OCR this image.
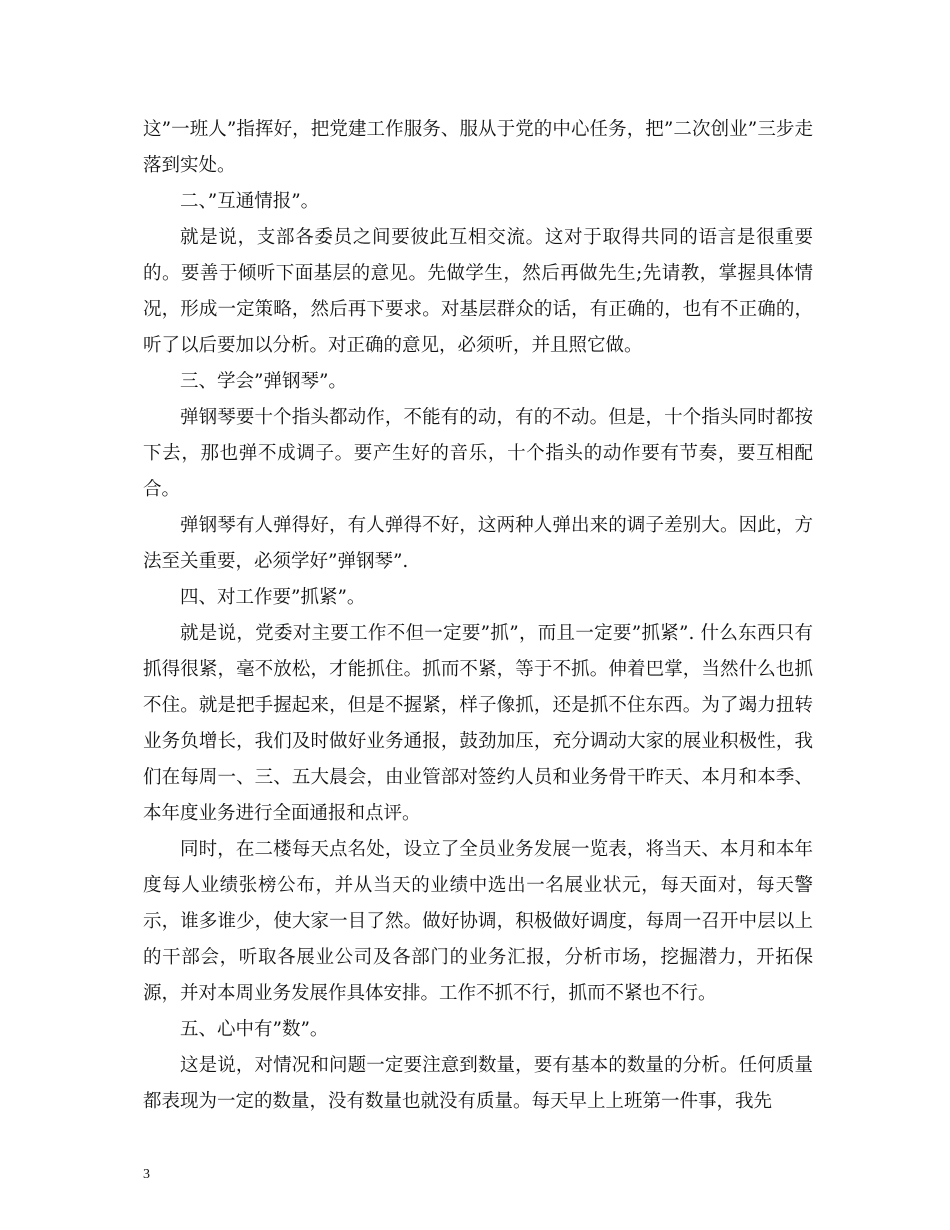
这”一班人”指挥好，把党建工作服务、服从于党的中心任务，把”二次创业”三步走落到实处。

二、”互通情报”。

就是说，支部各委员之间要彼此互相交流。这对于取得共同的语言是很重要的。要善于倾听下面基层的意见。先做学生，然后再做先生;先请教，掌握具体情况，形成一定策略，然后再下要求。对基层群众的话，有正确的，也有不正确的，听了以后要加以分析。对正确的意见，必须听，并且照它做。

三、学会”弹钢琴”。

弹钢琴要十个指头都动作，不能有的动，有的不动。但是，十个指头同时都按下去，那也弹不成调子。要产生好的音乐，十个指头的动作要有节奏，要互相配合。

弹钢琴有人弹得好，有人弹得不好，这两种人弹出来的调子差别大。因此，方法至关重要，必须学好”弹钢琴”.

四、对工作要”抓紧”。

就是说，党委对主要工作不但一定要”抓”，而且一定要”抓紧”. 什么东西只有抓得很紧，毫不放松，才能抓住。抓而不紧，等于不抓。伸着巴掌，当然什么也抓不住。就是把手握起来，但是不握紧，样子像抓，还是抓不住东西。为了竭力扭转业务负增长，我们及时做好业务通报，鼓劲加压，充分调动大家的展业积极性，我们在每周一、三、五大晨会，由业管部对签约人员和业务骨干昨天、本月和本季、本年度业务进行全面通报和点评。

同时，在二楼每天点名处，设立了全员业务发展一览表，将当天、本月和本年度每人业绩张榜公布，并从当天的业绩中选出一名展业状元，每天面对，每天警示，谁多谁少，使大家一目了然。做好协调，积极做好调度，每周一召开中层以上的干部会，听取各展业公司及各部门的业务汇报，分析市场，挖掘潜力，开拓保源，并对本周业务发展作具体安排。工作不抓不行，抓而不紧也不行。

五、心中有”数”。

这是说，对情况和问题一定要注意到数量，要有基本的数量的分析。任何质量都表现为一定的数量，没有数量也就没有质量。每天早上上班第一件事，我先

3
